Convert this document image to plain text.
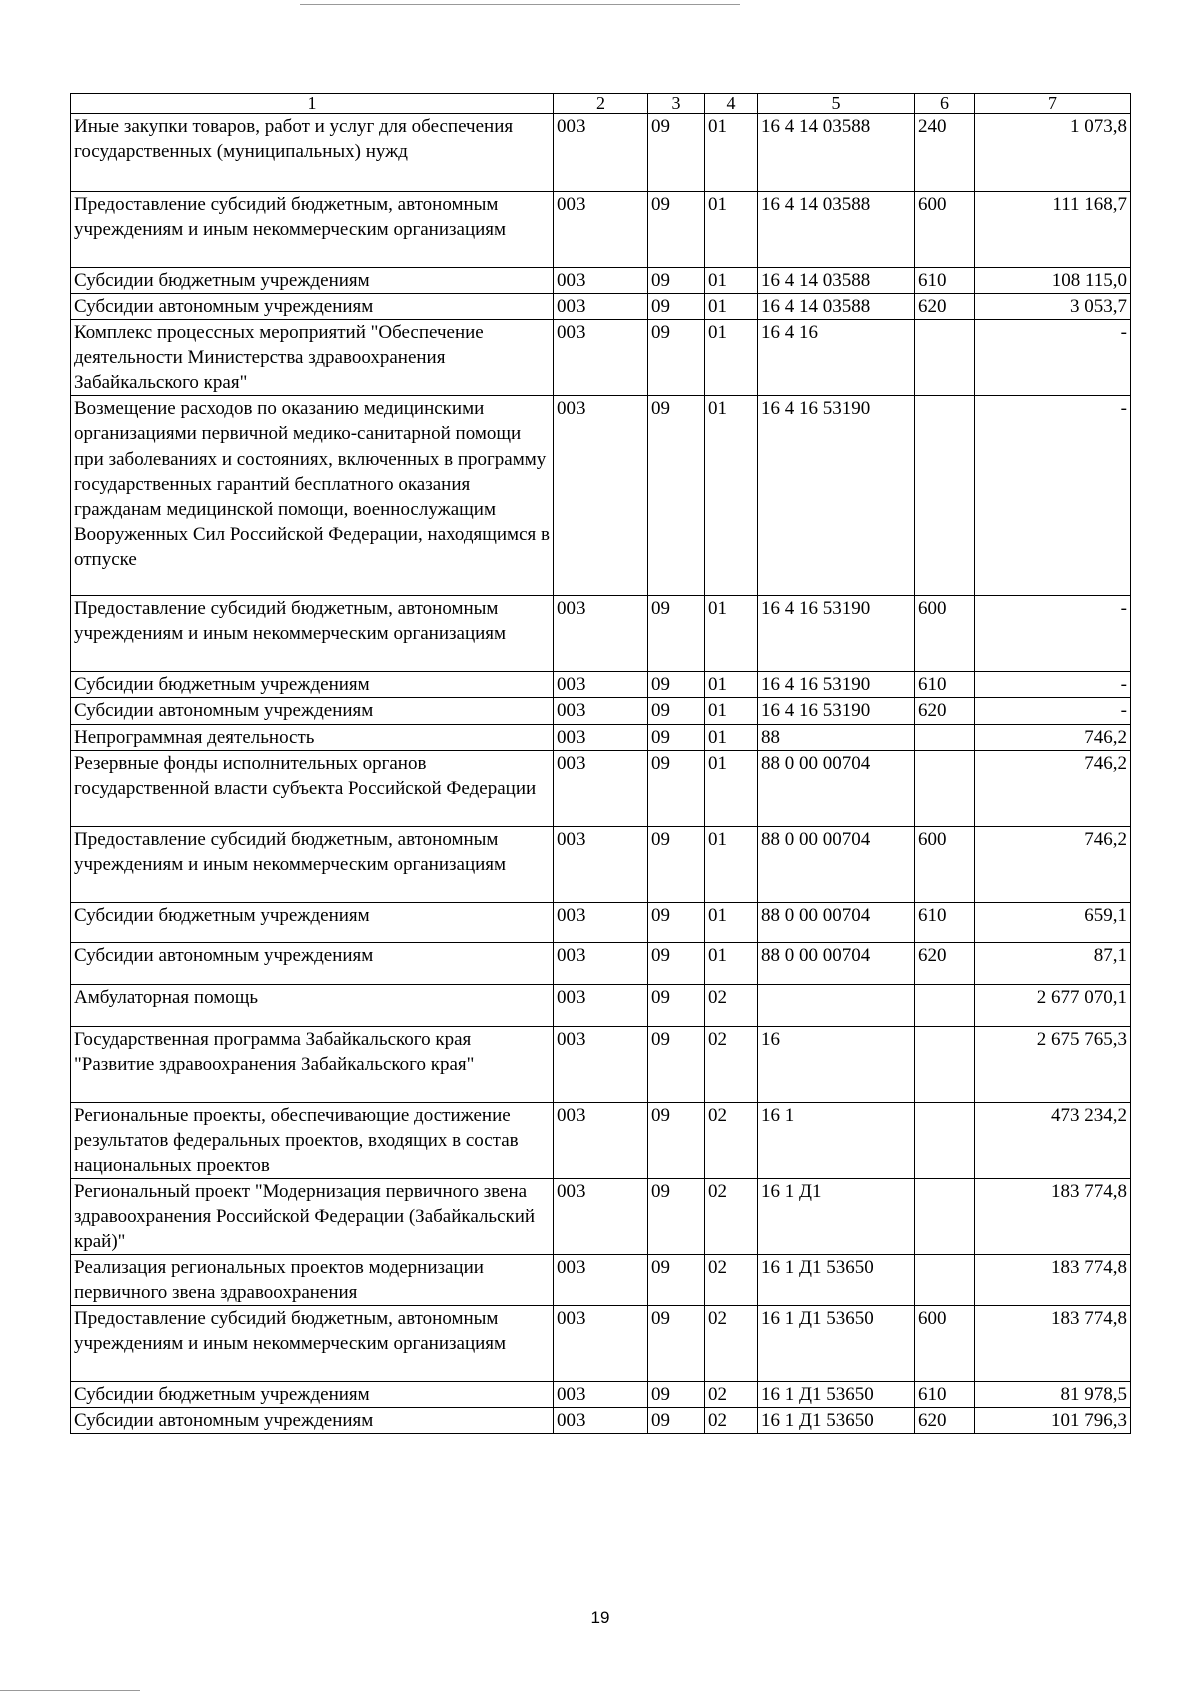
1	2	3	4	5	6	7
Иные закупки товаров, работ и услуг для обеспечения государственных (муниципальных) нужд	003	09	01	16 4 14 03588	240	1 073,8
Предоставление субсидий бюджетным, автономным учреждениям и иным некоммерческим организациям	003	09	01	16 4 14 03588	600	111 168,7
Субсидии бюджетным учреждениям	003	09	01	16 4 14 03588	610	108 115,0
Субсидии автономным учреждениям	003	09	01	16 4 14 03588	620	3 053,7
Комплекс процессных мероприятий "Обеспечение деятельности Министерства здравоохранения Забайкальского края"	003	09	01	16 4 16		-
Возмещение расходов по оказанию медицинскими организациями первичной медико-санитарной помощи при заболеваниях и состояниях, включенных в программу государственных гарантий бесплатного оказания гражданам медицинской помощи, военнослужащим Вооруженных Сил Российской Федерации, находящимся в отпуске	003	09	01	16 4 16 53190		-
Предоставление субсидий бюджетным, автономным учреждениям и иным некоммерческим организациям	003	09	01	16 4 16 53190	600	-
Субсидии бюджетным учреждениям	003	09	01	16 4 16 53190	610	-
Субсидии автономным учреждениям	003	09	01	16 4 16 53190	620	-
Непрограммная деятельность	003	09	01	88		746,2
Резервные фонды исполнительных органов государственной власти субъекта Российской Федерации	003	09	01	88 0 00 00704		746,2
Предоставление субсидий бюджетным, автономным учреждениям и иным некоммерческим организациям	003	09	01	88 0 00 00704	600	746,2
Субсидии бюджетным учреждениям	003	09	01	88 0 00 00704	610	659,1
Субсидии автономным учреждениям	003	09	01	88 0 00 00704	620	87,1
Амбулаторная помощь	003	09	02			2 677 070,1
Государственная программа Забайкальского края "Развитие здравоохранения Забайкальского края"	003	09	02	16		2 675 765,3
Региональные проекты, обеспечивающие достижение результатов федеральных проектов, входящих в состав национальных проектов	003	09	02	16 1		473 234,2
Региональный проект "Модернизация первичного звена здравоохранения Российской Федерации (Забайкальский край)"	003	09	02	16 1 Д1		183 774,8
Реализация региональных проектов модернизации первичного звена здравоохранения	003	09	02	16 1 Д1 53650		183 774,8
Предоставление субсидий бюджетным, автономным учреждениям и иным некоммерческим организациям	003	09	02	16 1 Д1 53650	600	183 774,8
Субсидии бюджетным учреждениям	003	09	02	16 1 Д1 53650	610	81 978,5
Субсидии автономным учреждениям	003	09	02	16 1 Д1 53650	620	101 796,3
19
